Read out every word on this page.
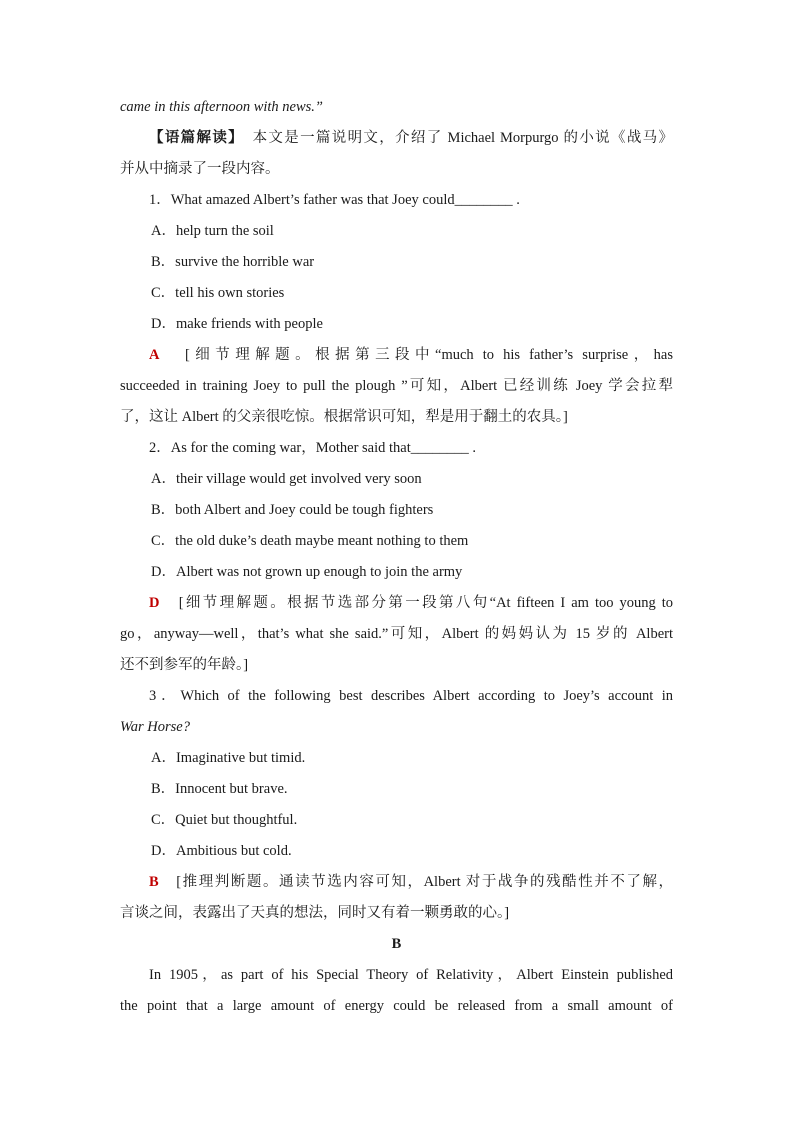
came in this afternoon with news.”
【语篇解读】　 本文是一篇说明文，介绍了 Michael Morpurgo 的小说《战马》
并从中摘录了一段内容。
1．What amazed Albert’s father was that Joey could________ .
A．help turn the soil
B．survive the horrible war
C．tell his own stories
D．make friends with people
A　 [细节理解题。根据第三段中“much to his father’s surprise，has
succeeded in training Joey to pull the plough ”可知，Albert 已经训练 Joey 学会拉犁
了，这让 Albert 的父亲很吃惊。根据常识可知，犁是用于翻土的农具。]
2．As for the coming war，Mother said that________ .
A．their village would get involved very soon
B．both Albert and Joey could be tough fighters
C．the old duke’s death maybe meant nothing to them
D．Albert was not grown up enough to join the army
D　 [细节理解题。根据节选部分第一段第八句“At fifteen I am too young to
go，anyway—well，that’s what she said.”可知，Albert 的妈妈认为 15 岁的 Albert
还不到参军的年龄。]
3．Which of the following best describes Albert according to Joey’s account in
War Horse?
A．Imaginative but timid.
B．Innocent but brave.
C．Quiet but thoughtful.
D．Ambitious but cold.
B　 [推理判断题。通读节选内容可知，Albert 对于战争的残酷性并不了解，
言谈之间，表露出了天真的想法，同时又有着一颗勇敢的心。]
B
In 1905，as part of his Special Theory of Relativity，Albert Einstein published
the point that a large amount of energy could be released from a small amount of
